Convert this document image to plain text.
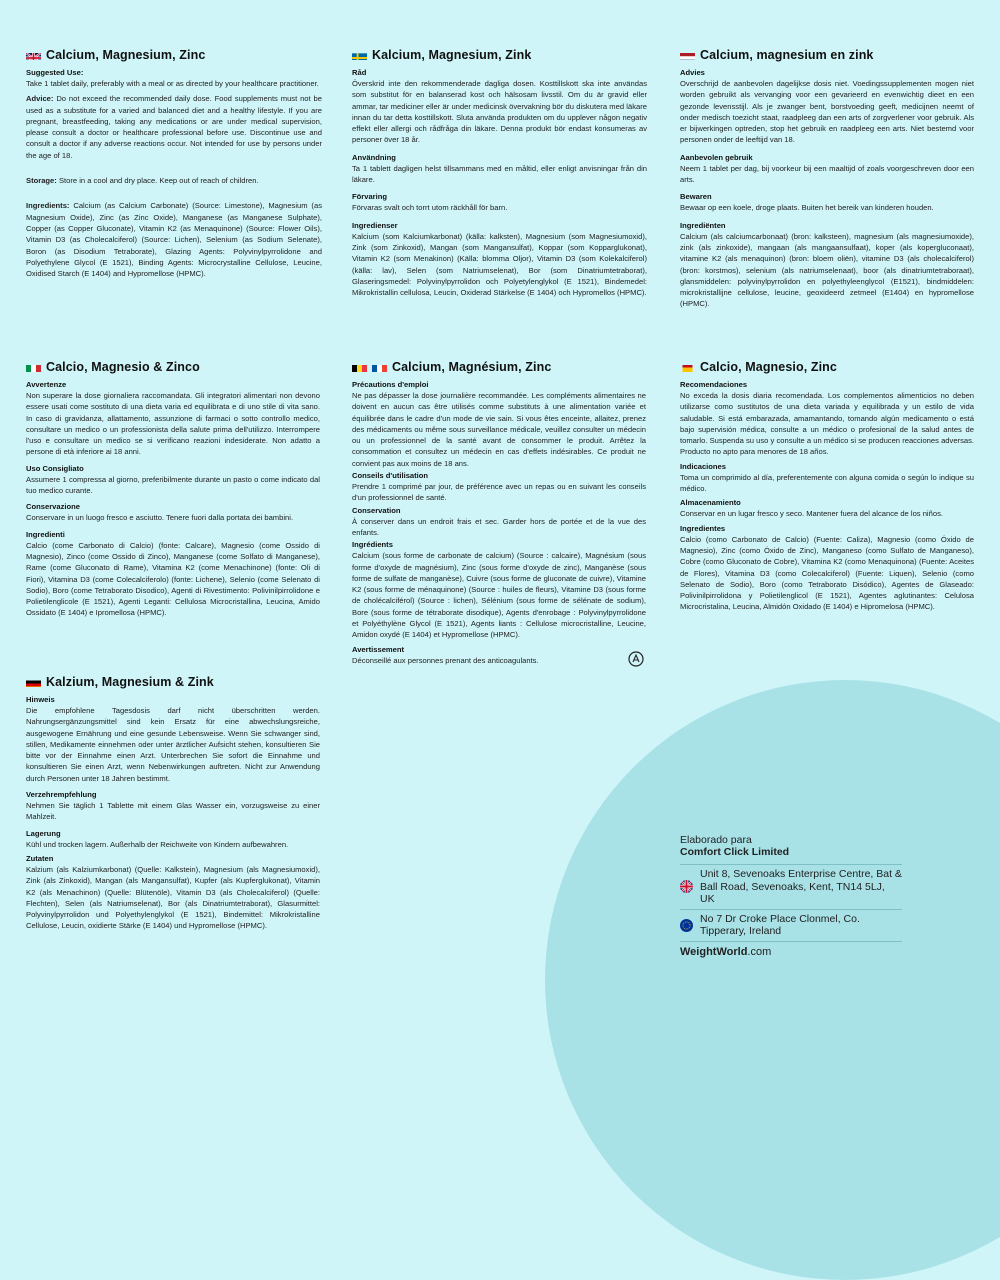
Calcium, Magnesium, Zinc
Suggested Use:

Take 1 tablet daily, preferably with a meal or as directed by your healthcare practitioner.

Advice: Do not exceed the recommended daily dose. Food supplements must not be used as a substitute for a varied and balanced diet and a healthy lifestyle. If you are pregnant, breastfeeding, taking any medications or are under medical supervision, please consult a doctor or healthcare professional before use. Discontinue use and consult a doctor if any adverse reactions occur. Not intended for use by persons under the age of 18.

Storage: Store in a cool and dry place. Keep out of reach of children.

Ingredients: Calcium (as Calcium Carbonate) (Source: Limestone), Magnesium (as Magnesium Oxide), Zinc (as Zinc Oxide), Manganese (as Manganese Sulphate), Copper (as Copper Gluconate), Vitamin K2 (as Menaquinone) (Source: Flower Oils), Vitamin D3 (as Cholecalciferol) (Source: Lichen), Selenium (as Sodium Selenate), Boron (as Disodium Tetraborate), Glazing Agents: Polyvinylpyrrolidone and Polyethylene Glycol (E 1521), Binding Agents: Microcrystalline Cellulose, Leucine, Oxidised Starch (E 1404) and Hypromellose (HPMC).

Kalcium, Magnesium, Zink
Råd

Överskrid inte den rekommenderade dagliga dosen. Kosttillskott ska inte användas som substitut för en balanserad kost och hälsosam livsstil. Om du är gravid eller ammar, tar mediciner eller är under medicinsk övervakning bör du diskutera med läkare innan du tar detta kosttillskott. Sluta använda produkten om du upplever någon negativ effekt eller allergi och rådfråga din läkare. Denna produkt bör endast konsumeras av personer över 18 år.

Användning

Ta 1 tablett dagligen helst tillsammans med en måltid, eller enligt anvisningar från din läkare.

Förvaring

Förvaras svalt och torrt utom räckhåll för barn.

Ingredienser

Kalcium (som Kalciumkarbonat) (källa: kalksten), Magnesium (som Magnesiumoxid), Zink (som Zinkoxid), Mangan (som Mangansulfat), Koppar (som Kopparglukonat), Vitamin K2 (som Menakinon) (Källa: blomma Oljor), Vitamin D3 (som Kolekalciferol) (källa: lav), Selen (som Natriumselenat), Bor (som Dinatriumtetraborat), Glaseringsmedel: Polyvinylpyrrolidon och Polyetylenglykol (E 1521), Bindemedel: Mikrokristallin cellulosa, Leucin, Oxiderad Stärkelse (E 1404) och Hypromellos (HPMC).

Calcium, magnesium en zink
Advies

Overschrijd de aanbevolen dagelijkse dosis niet. Voedingssupplementen mogen niet worden gebruikt als vervanging voor een gevarieerd en evenwichtig dieet en een gezonde levensstijl. Als je zwanger bent, borstvoeding geeft, medicijnen neemt of onder medisch toezicht staat, raadpleeg dan een arts of zorgverlener voor gebruik. Als er bijwerkingen optreden, stop het gebruik en raadpleeg een arts. Niet bestemd voor personen onder de leeftijd van 18.

Aanbevolen gebruik

Neem 1 tablet per dag, bij voorkeur bij een maaltijd of zoals voorgeschreven door een arts.

Bewaren

Bewaar op een koele, droge plaats. Buiten het bereik van kinderen houden.

Ingrediënten

Calcium (als calciumcarbonaat) (bron: kalksteen), magnesium (als magnesiumoxide), zink (als zinkoxide), mangaan (als mangaansulfaat), koper (als kopergluconaat), vitamine K2 (als menaquinon) (bron: bloem oliën), vitamine D3 (als cholecalciferol) (bron: korstmos), selenium (als natriumselenaat), boor (als dinatriumtetraboraat), glansmiddelen: polyvinylpyrrolidon en polyethyleenglycol (E1521), bindmiddelen: microkristallijne cellulose, leucine, geoxideerd zetmeel (E1404) en hypromellose (HPMC).

Calcio, Magnesio & Zinco
Avvertenze

Non superare la dose giornaliera raccomandata. Gli integratori alimentari non devono essere usati come sostituto di una dieta varia ed equilibrata e di uno stile di vita sano. In caso di gravidanza, allattamento, assunzione di farmaci o sotto controllo medico, consultare un medico o un professionista della salute prima dell'utilizzo. Interrompere l'uso e consultare un medico se si verificano reazioni indesiderate. Non adatto a persone di età inferiore ai 18 anni.

Uso Consigliato

Assumere 1 compressa al giorno, preferibilmente durante un pasto o come indicato dal tuo medico curante.

Conservazione

Conservare in un luogo fresco e asciutto. Tenere fuori dalla portata dei bambini.

Ingredienti

Calcio (come Carbonato di Calcio) (fonte: Calcare), Magnesio (come Ossido di Magnesio), Zinco (come Ossido di Zinco), Manganese (come Solfato di Manganese), Rame (come Gluconato di Rame), Vitamina K2 (come Menachinone) (fonte: Oli di Fiori), Vitamina D3 (come Colecalciferolo) (fonte: Lichene), Selenio (come Selenato di Sodio), Boro (come Tetraborato Disodico), Agenti di Rivestimento: Polivinilpirrolidone e Polietilenglicole (E 1521), Agenti Leganti: Cellulosa Microcristallina, Leucina, Amido Ossidato (E 1404) e Ipromellosa (HPMC).

Kalzium, Magnesium & Zink
Hinweis

Die empfohlene Tagesdosis darf nicht überschritten werden. Nahrungsergänzungsmittel sind kein Ersatz für eine abwechslungsreiche, ausgewogene Ernährung und eine gesunde Lebensweise. Wenn Sie schwanger sind, stillen, Medikamente einnehmen oder unter ärztlicher Aufsicht stehen, konsultieren Sie bitte vor der Einnahme einen Arzt. Unterbrechen Sie sofort die Einnahme und konsultieren Sie einen Arzt, wenn Nebenwirkungen auftreten. Nicht zur Anwendung durch Personen unter 18 Jahren bestimmt.

Verzehrempfehlung

Nehmen Sie täglich 1 Tablette mit einem Glas Wasser ein, vorzugsweise zu einer Mahlzeit.

Lagerung

Kühl und trocken lagern. Außerhalb der Reichweite von Kindern aufbewahren.

Zutaten

Kalzium (als Kalziumkarbonat) (Quelle: Kalkstein), Magnesium (als Magnesiumoxid), Zink (als Zinkoxid), Mangan (als Mangansulfat), Kupfer (als Kupferglukonat), Vitamin K2 (als Menachinon) (Quelle: Blütenöle), Vitamin D3 (als Cholecalciferol) (Quelle: Flechten), Selen (als Natriumselenat), Bor (als Dinatriumtetraborat), Glasurmittel: Polyvinylpyrrolidon und Polyethylenglykol (E 1521), Bindemittel: Mikrokristalline Cellulose, Leucin, oxidierte Stärke (E 1404) und Hypromellose (HPMC).

Calcium, Magnésium, Zinc
Précautions d'emploi

Ne pas dépasser la dose journalière recommandée. Les compléments alimentaires ne doivent en aucun cas être utilisés comme substituts à une alimentation variée et équilibrée dans le cadre d'un mode de vie sain. Si vous êtes enceinte, allaitez, prenez des médicaments ou même sous surveillance médicale, veuillez consulter un médecin ou un professionnel de la santé avant de consommer le produit. Arrêtez la consommation et consultez un médecin en cas d'effets indésirables. Ce produit ne convient pas aux moins de 18 ans.

Conseils d'utilisation

Prendre 1 comprimé par jour, de préférence avec un repas ou en suivant les conseils d'un professionnel de santé.

Conservation

À conserver dans un endroit frais et sec. Garder hors de portée et de la vue des enfants.

Ingrédients

Calcium (sous forme de carbonate de calcium) (Source : calcaire), Magnésium (sous forme d'oxyde de magnésium), Zinc (sous forme d'oxyde de zinc), Manganèse (sous forme de sulfate de manganèse), Cuivre (sous forme de gluconate de cuivre), Vitamine K2 (sous forme de ménaquinone) (Source : huiles de fleurs), Vitamine D3 (sous forme de cholécalciférol) (Source : lichen), Sélénium (sous forme de sélénate de sodium), Bore (sous forme de tétraborate disodique), Agents d'enrobage : Polyvinylpyrrolidone et Polyéthylène Glycol (E 1521), Agents liants : Cellulose microcristalline, Leucine, Amidon oxydé (E 1404) et Hypromellose (HPMC).

Avertissement

Déconseillé aux personnes prenant des anticoagulants.

Calcio, Magnesio, Zinc
Recomendaciones

No exceda la dosis diaria recomendada. Los complementos alimenticios no deben utilizarse como sustitutos de una dieta variada y equilibrada y un estilo de vida saludable. Si está embarazada, amamantando, tomando algún medicamento o está bajo supervisión médica, consulte a un médico o profesional de la salud antes de tomarlo. Suspenda su uso y consulte a un médico si se producen reacciones adversas. Producto no apto para menores de 18 años.

Indicaciones

Toma un comprimido al día, preferentemente con alguna comida o según lo indique su médico.

Almacenamiento

Conservar en un lugar fresco y seco. Mantener fuera del alcance de los niños.

Ingredientes

Calcio (como Carbonato de Calcio) (Fuente: Caliza), Magnesio (como Óxido de Magnesio), Zinc (como Óxido de Zinc), Manganeso (como Sulfato de Manganeso), Cobre (como Gluconato de Cobre), Vitamina K2 (como Menaquinona) (Fuente: Aceites de Flores), Vitamina D3 (como Colecalciferol) (Fuente: Liquen), Selenio (como Selenato de Sodio), Boro (como Tetraborato Disódico), Agentes de Glaseado: Polivinilpirrolidona y Polietilenglicol (E 1521), Agentes aglutinantes: Celulosa Microcristalina, Leucina, Almidón Oxidado (E 1404) e Hipromelosa (HPMC).

Elaborado para
Comfort Click Limited
Unit 8, Sevenoaks Enterprise Centre, Bat & Ball Road, Sevenoaks, Kent, TN14 5LJ, UK
No 7 Dr Croke Place Clonmel, Co. Tipperary, Ireland
WeightWorld.com
